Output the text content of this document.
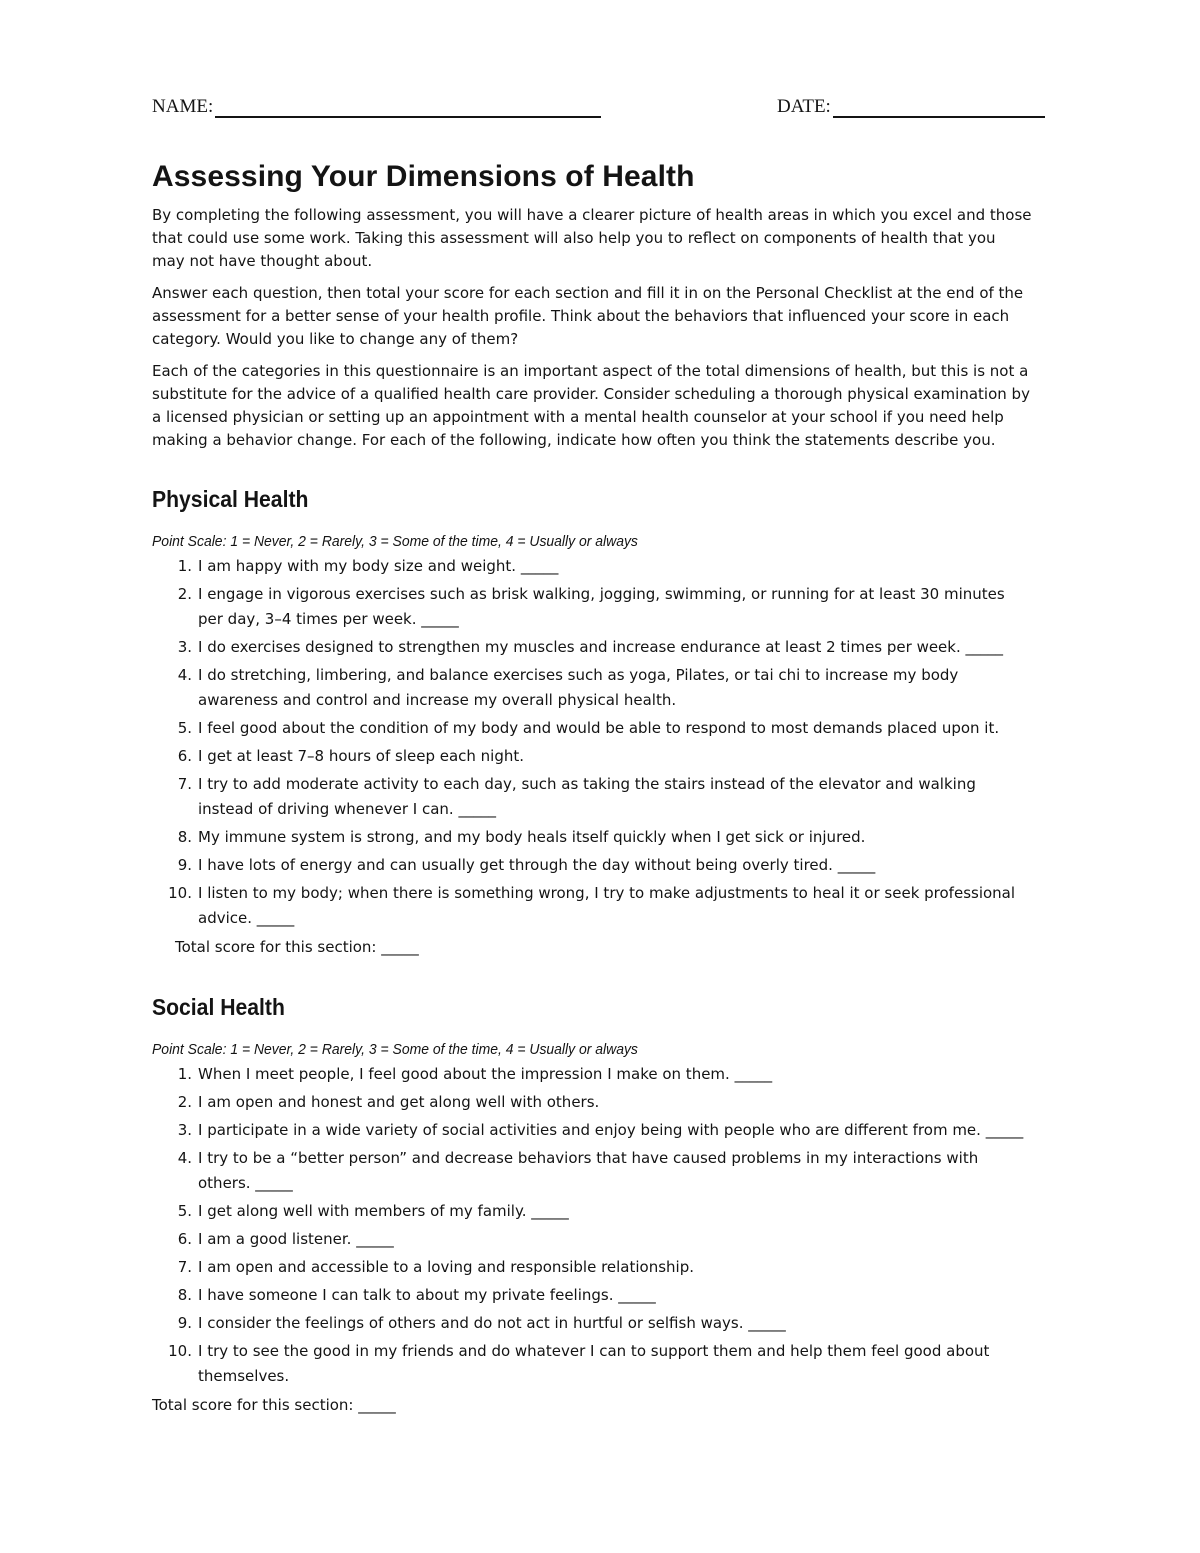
NAME:	DATE:
Assessing Your Dimensions of Health

By completing the following assessment, you will have a clearer picture of health areas in which you excel and those that could use some work. Taking this assessment will also help you to reflect on components of health that you may not have thought about.

Answer each question, then total your score for each section and fill it in on the Personal Checklist at the end of the assessment for a better sense of your health profile. Think about the behaviors that influenced your score in each category. Would you like to change any of them?

Each of the categories in this questionnaire is an important aspect of the total dimensions of health, but this is not a substitute for the advice of a qualified health care provider. Consider scheduling a thorough physical examination by a licensed physician or setting up an appointment with a mental health counselor at your school if you need help making a behavior change. For each of the following, indicate how often you think the statements describe you.

Physical Health
Point Scale: 1 = Never, 2 = Rarely, 3 = Some of the time, 4 = Usually or always
1. I am happy with my body size and weight. _____
2. I engage in vigorous exercises such as brisk walking, jogging, swimming, or running for at least 30 minutes per day, 3–4 times per week. _____
3. I do exercises designed to strengthen my muscles and increase endurance at least 2 times per week. _____
4. I do stretching, limbering, and balance exercises such as yoga, Pilates, or tai chi to increase my body awareness and control and increase my overall physical health.
5. I feel good about the condition of my body and would be able to respond to most demands placed upon it.
6. I get at least 7–8 hours of sleep each night.
7. I try to add moderate activity to each day, such as taking the stairs instead of the elevator and walking instead of driving whenever I can. _____
8. My immune system is strong, and my body heals itself quickly when I get sick or injured.
9. I have lots of energy and can usually get through the day without being overly tired. _____
10. I listen to my body; when there is something wrong, I try to make adjustments to heal it or seek professional advice. _____
Total score for this section: _____
Social Health
Point Scale: 1 = Never, 2 = Rarely, 3 = Some of the time, 4 = Usually or always
1. When I meet people, I feel good about the impression I make on them. _____
2. I am open and honest and get along well with others.
3. I participate in a wide variety of social activities and enjoy being with people who are different from me. _____
4. I try to be a “better person” and decrease behaviors that have caused problems in my interactions with others. _____
5. I get along well with members of my family. _____
6. I am a good listener. _____
7. I am open and accessible to a loving and responsible relationship.
8. I have someone I can talk to about my private feelings. _____
9. I consider the feelings of others and do not act in hurtful or selfish ways. _____
10. I try to see the good in my friends and do whatever I can to support them and help them feel good about themselves.
Total score for this section: _____
